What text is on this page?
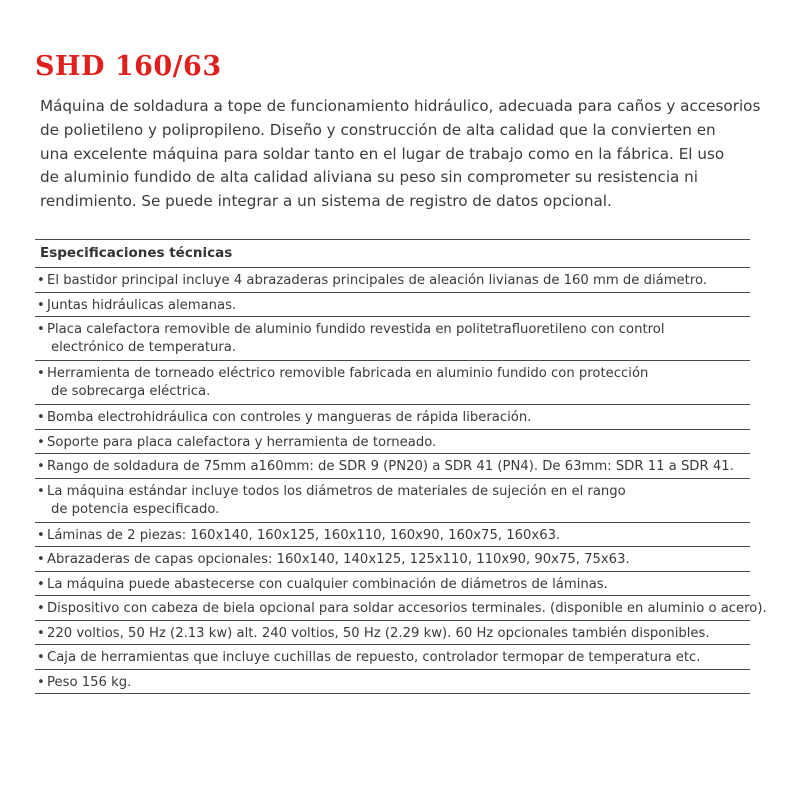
SHD 160/63
Máquina de soldadura a tope de funcionamiento hidráulico, adecuada para caños y accesorios
de polietileno y polipropileno. Diseño y construcción de alta calidad que la convierten en
una excelente máquina para soldar tanto en el lugar de trabajo como en la fábrica. El uso
de aluminio fundido de alta calidad aliviana su peso sin comprometer su resistencia ni
rendimiento. Se puede integrar a un sistema de registro de datos opcional.
Especificaciones técnicas
• El bastidor principal incluye 4 abrazaderas principales de aleación livianas de 160 mm de diámetro.
• Juntas hidráulicas alemanas.
• Placa calefactora removible de aluminio fundido revestida en politetrafluoretileno con control
electrónico de temperatura.
• Herramienta de torneado eléctrico removible fabricada en aluminio fundido con protección
de sobrecarga eléctrica.
• Bomba electrohidráulica con controles y mangueras de rápida liberación.
• Soporte para placa calefactora y herramienta de torneado.
• Rango de soldadura de 75mm a160mm: de SDR 9 (PN20) a SDR 41 (PN4). De 63mm: SDR 11 a SDR 41.
• La máquina estándar incluye todos los diámetros de materiales de sujeción en el rango
de potencia especificado.
• Láminas de 2 piezas: 160x140, 160x125, 160x110, 160x90, 160x75, 160x63.
• Abrazaderas de capas opcionales: 160x140, 140x125, 125x110, 110x90, 90x75, 75x63.
• La máquina puede abastecerse con cualquier combinación de diámetros de láminas.
• Dispositivo con cabeza de biela opcional para soldar accesorios terminales. (disponible en aluminio o acero).
• 220 voltios, 50 Hz (2.13 kw) alt. 240 voltios, 50 Hz (2.29 kw). 60 Hz opcionales también disponibles.
• Caja de herramientas que incluye cuchillas de repuesto, controlador termopar de temperatura etc.
• Peso 156 kg.
